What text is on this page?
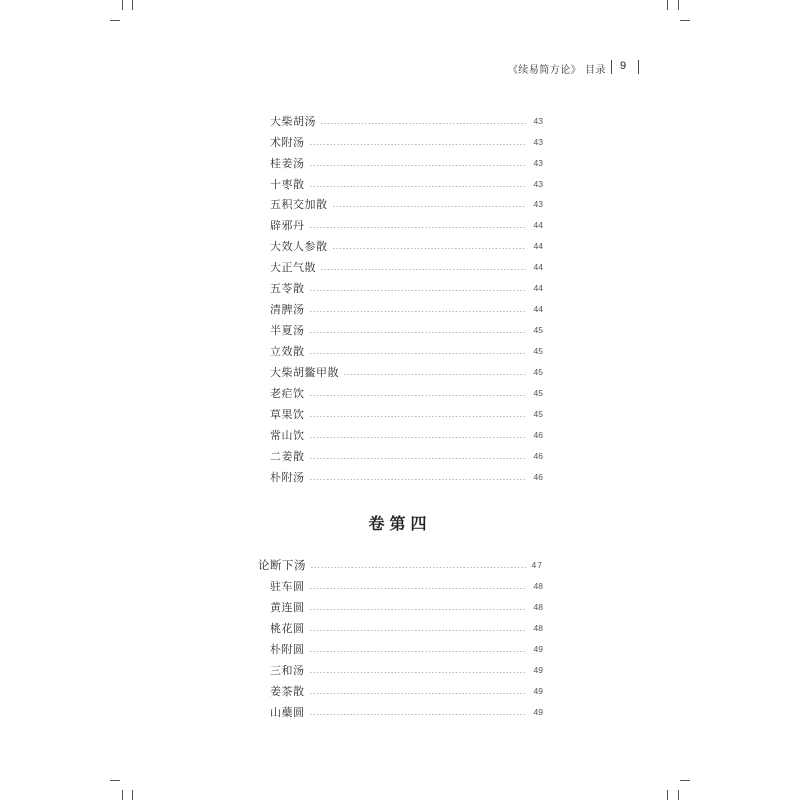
《续易简方论》 目录 9
大柴胡汤	43
术附汤	43
桂姜汤	43
十枣散	43
五积交加散	43
辟邪丹	44
大效人参散	44
大正气散	44
五苓散	44
清脾汤	44
半夏汤	45
立效散	45
大柴胡鳖甲散	45
老疟饮	45
草果饮	45
常山饮	46
二姜散	46
朴附汤	46
卷第四
论断下汤	47
驻车圆	48
黄连圆	48
桃花圆	48
朴附圆	49
三和汤	49
姜茶散	49
山蘗圆	49
